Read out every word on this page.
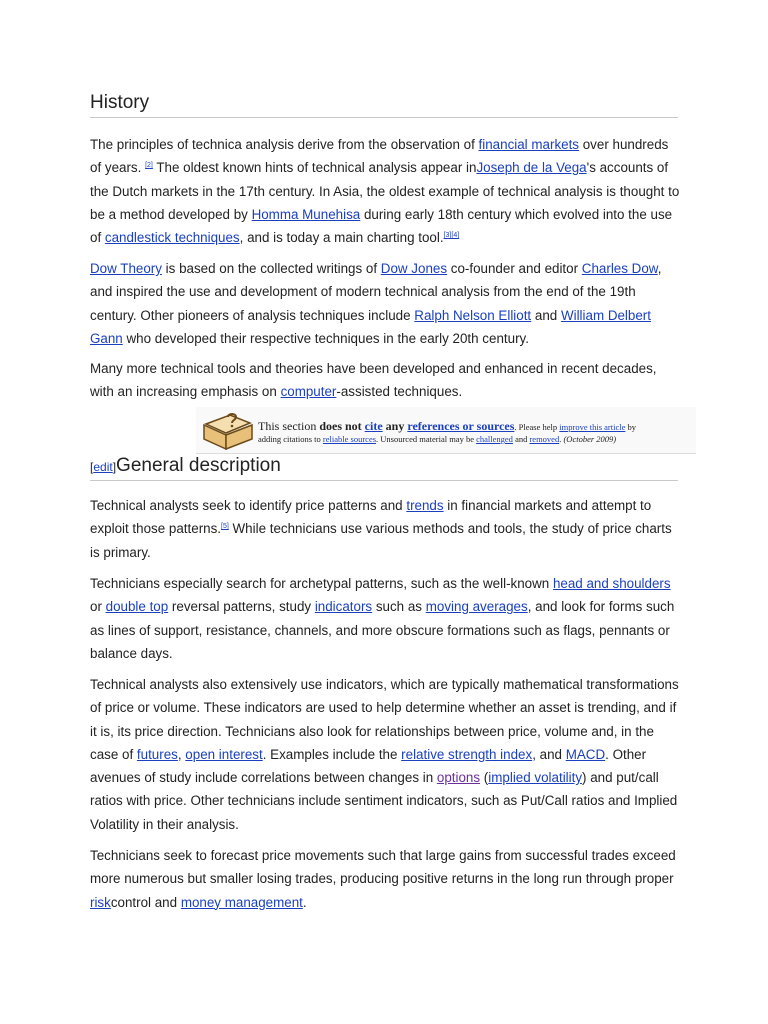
History

The principles of technica analysis derive from the observation of financial markets over hundreds of years. [2] The oldest known hints of technical analysis appear inJoseph de la Vega's accounts of the Dutch markets in the 17th century. In Asia, the oldest example of technical analysis is thought to be a method developed by Homma Munehisa during early 18th century which evolved into the use of candlestick techniques, and is today a main charting tool.[3][4]

Dow Theory is based on the collected writings of Dow Jones co-founder and editor Charles Dow, and inspired the use and development of modern technical analysis from the end of the 19th century. Other pioneers of analysis techniques include Ralph Nelson Elliott and William Delbert Gann who developed their respective techniques in the early 20th century.

Many more technical tools and theories have been developed and enhanced in recent decades, with an increasing emphasis on computer-assisted techniques.

This section does not cite any references or sources. Please help improve this article by
adding citations to reliable sources. Unsourced material may be challenged and removed. (October 2009)
[edit]General description

Technical analysts seek to identify price patterns and trends in financial markets and attempt to exploit those patterns.[5] While technicians use various methods and tools, the study of price charts is primary.

Technicians especially search for archetypal patterns, such as the well-known head and shoulders or double top reversal patterns, study indicators such as moving averages, and look for forms such as lines of support, resistance, channels, and more obscure formations such as flags, pennants or balance days.

Technical analysts also extensively use indicators, which are typically mathematical transformations of price or volume. These indicators are used to help determine whether an asset is trending, and if it is, its price direction. Technicians also look for relationships between price, volume and, in the case of futures, open interest. Examples include the relative strength index, and MACD. Other avenues of study include correlations between changes in options (implied volatility) and put/call ratios with price. Other technicians include sentiment indicators, such as Put/Call ratios and Implied Volatility in their analysis.

Technicians seek to forecast price movements such that large gains from successful trades exceed more numerous but smaller losing trades, producing positive returns in the long run through proper riskcontrol and money management.
